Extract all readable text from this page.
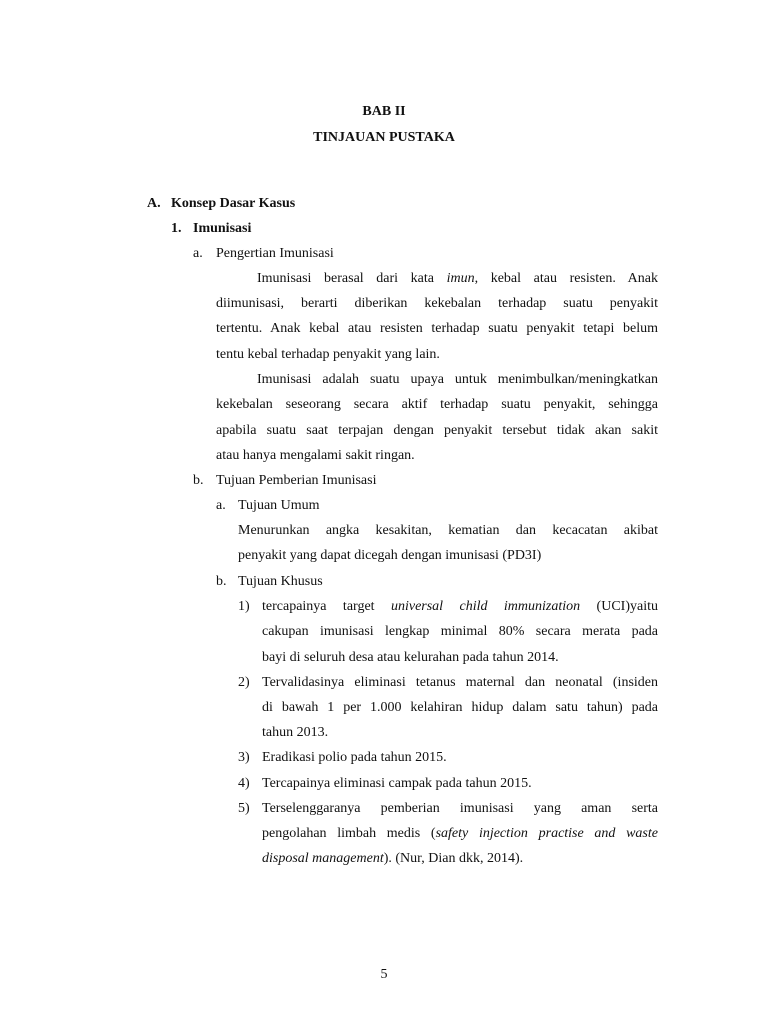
BAB II
TINJAUAN PUSTAKA
A. Konsep Dasar Kasus
1. Imunisasi
a. Pengertian Imunisasi
Imunisasi berasal dari kata imun, kebal atau resisten. Anak
diimunisasi, berarti diberikan kekebalan terhadap suatu penyakit
tertentu. Anak kebal atau resisten terhadap suatu penyakit tetapi belum
tentu kebal terhadap penyakit yang lain.
Imunisasi adalah suatu upaya untuk menimbulkan/meningkatkan
kekebalan seseorang secara aktif terhadap suatu penyakit, sehingga
apabila suatu saat terpajan dengan penyakit tersebut tidak akan sakit
atau hanya mengalami sakit ringan.
b. Tujuan Pemberian Imunisasi
a. Tujuan Umum
Menurunkan angka kesakitan, kematian dan kecacatan akibat
penyakit yang dapat dicegah dengan imunisasi (PD3I)
b. Tujuan Khusus
1) tercapainya target universal child immunization (UCI)yaitu
cakupan imunisasi lengkap minimal 80% secara merata pada
bayi di seluruh desa atau kelurahan pada tahun 2014.
2) Tervalidasinya eliminasi tetanus maternal dan neonatal (insiden
di bawah 1 per 1.000 kelahiran hidup dalam satu tahun) pada
tahun 2013.
3) Eradikasi polio pada tahun 2015.
4) Tercapainya eliminasi campak pada tahun 2015.
5) Terselenggaranya pemberian imunisasi yang aman serta
pengolahan limbah medis (safety injection practise and waste
disposal management). (Nur, Dian dkk, 2014).
5
